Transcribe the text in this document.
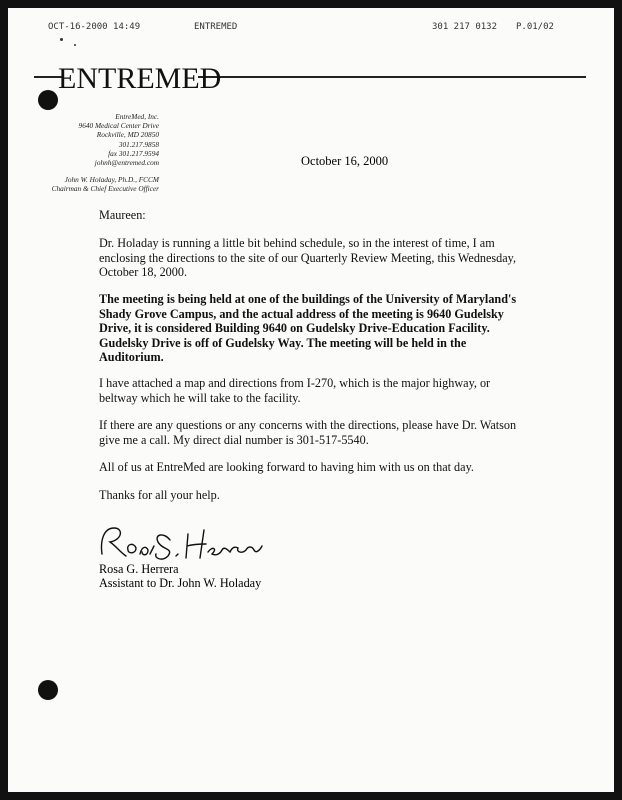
OCT-16-2000 14:49	ENTREMED	301 217 0132 P.01/02
ENTREMED
EntreMed, Inc.
9640 Medical Center Drive
Rockville, MD 20850
301.217.9858
fax 301.217.9594
johnh@entremed.com
John W. Holaday, Ph.D., FCCM
Chairman & Chief Executive Officer
October 16, 2000
Maureen:
Dr. Holaday is running a little bit behind schedule, so in the interest of time, I am enclosing the directions to the site of our Quarterly Review Meeting, this Wednesday, October 18, 2000.
The meeting is being held at one of the buildings of the University of Maryland's Shady Grove Campus, and the actual address of the meeting is 9640 Gudelsky Drive, it is considered Building 9640 on Gudelsky Drive-Education Facility. Gudelsky Drive is off of Gudelsky Way. The meeting will be held in the Auditorium.
I have attached a map and directions from I-270, which is the major highway, or beltway which he will take to the facility.
If there are any questions or any concerns with the directions, please have Dr. Watson give me a call. My direct dial number is 301-517-5540.
All of us at EntreMed are looking forward to having him with us on that day.
Thanks for all your help.
Rosa G. Herrera
Assistant to Dr. John W. Holaday
